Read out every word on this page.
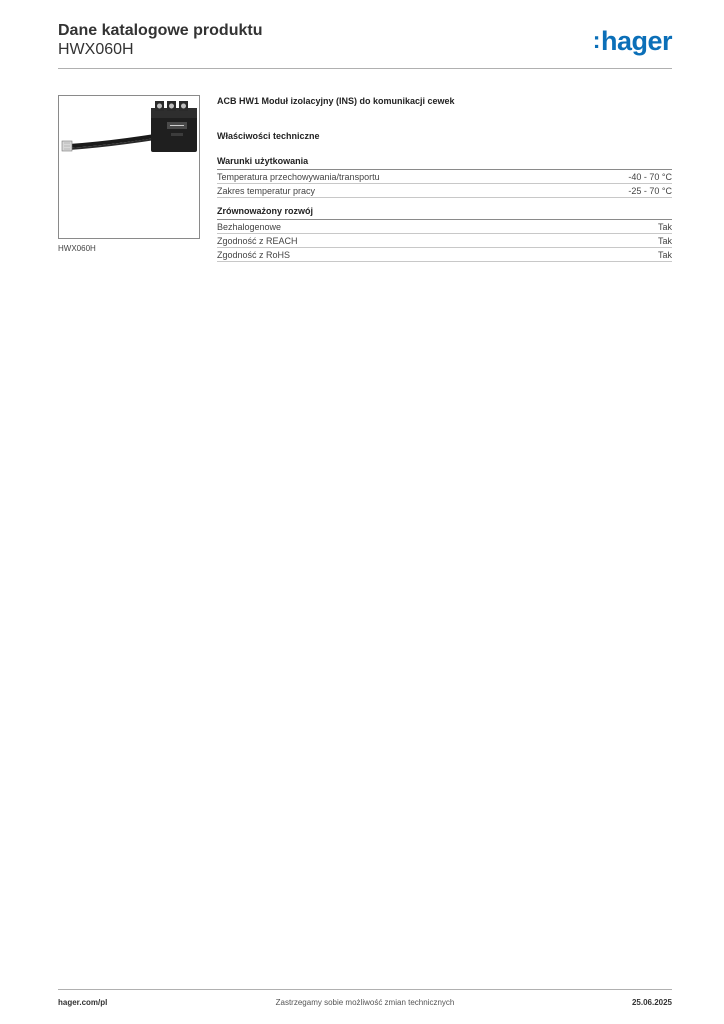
Dane katalogowe produktu
HWX060H	:hager
HWX060H
ACB HW1 Moduł izolacyjny (INS) do komunikacji cewek
Właściwości techniczne
Warunki użytkowania
Temperatura przechowywania/transportu	-40 - 70 °C
Zakres temperatur pracy	-25 - 70 °C
Zrównoważony rozwój
Bezhalogenowe	Tak
Zgodność z REACH	Tak
Zgodność z RoHS	Tak
Zastrzegamy sobie możliwość zmian technicznych
hager.com/pl	25.06.2025
